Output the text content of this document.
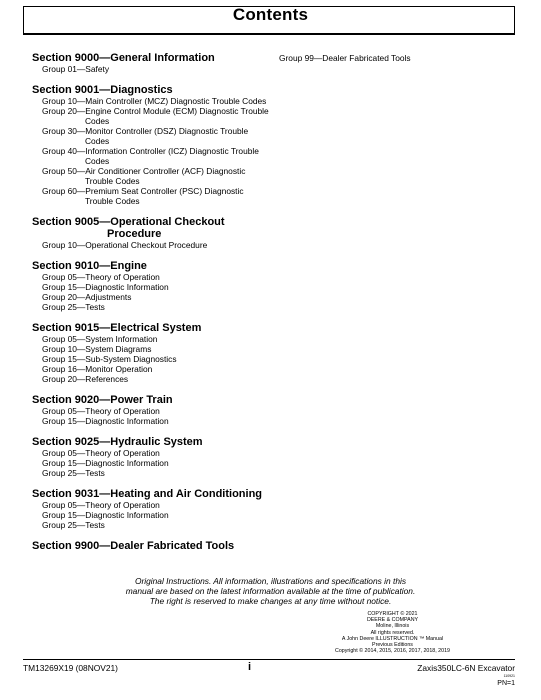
Contents
Section 9000—General Information
Group 01—Safety
Section 9001—Diagnostics
Group 10—Main Controller (MCZ) Diagnostic Trouble Codes
Group 20—Engine Control Module (ECM) Diagnostic Trouble Codes
Group 30—Monitor Controller (DSZ) Diagnostic Trouble Codes
Group 40—Information Controller (ICZ) Diagnostic Trouble Codes
Group 50—Air Conditioner Controller (ACF) Diagnostic Trouble Codes
Group 60—Premium Seat Controller (PSC) Diagnostic Trouble Codes
Section 9005—Operational Checkout
Procedure
Group 10—Operational Checkout Procedure
Section 9010—Engine
Group 05—Theory of Operation
Group 15—Diagnostic Information
Group 20—Adjustments
Group 25—Tests
Section 9015—Electrical System
Group 05—System Information
Group 10—System Diagrams
Group 15—Sub-System Diagnostics
Group 16—Monitor Operation
Group 20—References
Section 9020—Power Train
Group 05—Theory of Operation
Group 15—Diagnostic Information
Section 9025—Hydraulic System
Group 05—Theory of Operation
Group 15—Diagnostic Information
Group 25—Tests
Section 9031—Heating and Air Conditioning
Group 05—Theory of Operation
Group 15—Diagnostic Information
Group 25—Tests
Section 9900—Dealer Fabricated Tools
Group 99—Dealer Fabricated Tools
Original Instructions. All information, illustrations and specifications in this
manual are based on the latest information available at the time of publication.
The right is reserved to make changes at any time without notice.
COPYRIGHT © 2021
DEERE & COMPANY
Moline, Illinois
All rights reserved.
A John Deere ILLUSTRUCTION ™ Manual
Previous Editions
Copyright © 2014, 2015, 2016, 2017, 2018, 2019
TM13269X19 (08NOV21)	i	Zaxis350LC-6N Excavator
110921
PN=1
